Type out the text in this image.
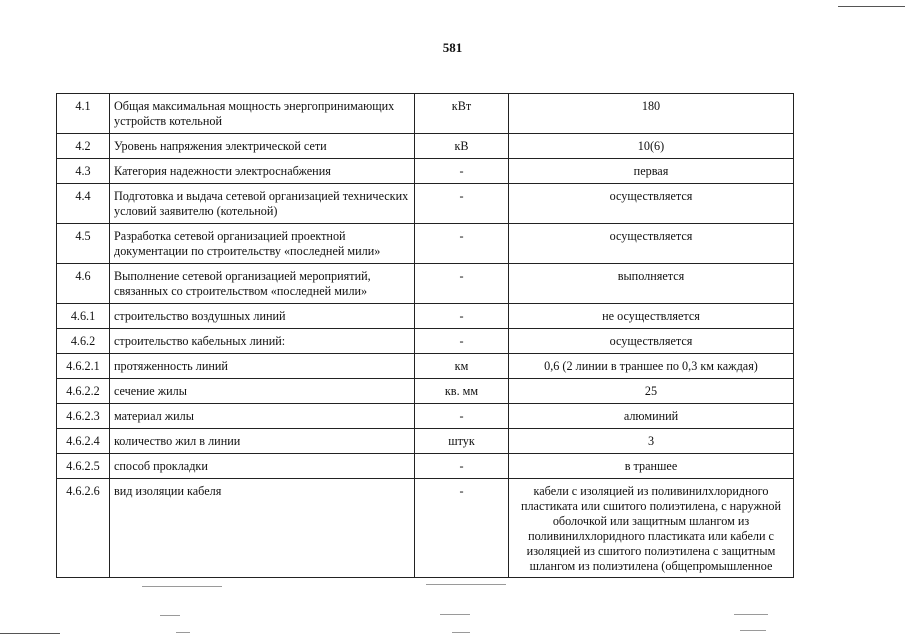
581
4.1	Общая максимальная мощность энергопринимающих устройств котельной	кВт	180
4.2	Уровень напряжения электрической сети	кВ	10(6)
4.3	Категория надежности электроснабжения	-	первая
4.4	Подготовка и выдача сетевой организацией технических условий заявителю (котельной)	-	осуществляется
4.5	Разработка сетевой организацией проектной документации по строительству «последней мили»	-	осуществляется
4.6	Выполнение сетевой организацией мероприятий, связанных со строительством «последней мили»	-	выполняется
4.6.1	строительство воздушных линий	-	не осуществляется
4.6.2	строительство кабельных линий:	-	осуществляется
4.6.2.1	протяженность линий	км	0,6 (2 линии в траншее по 0,3 км каждая)
4.6.2.2	сечение жилы	кв. мм	25
4.6.2.3	материал жилы	-	алюминий
4.6.2.4	количество жил в линии	штук	3
4.6.2.5	способ прокладки	-	в траншее
4.6.2.6	вид изоляции кабеля	-	кабели с изоляцией из поливинилхлоридного пластиката или сшитого полиэтилена, с наружной оболочкой или защитным шлангом из поливинилхлоридного пластиката или кабели с изоляцией из сшитого полиэтилена с защитным шлангом из полиэтилена (общепромышленное
